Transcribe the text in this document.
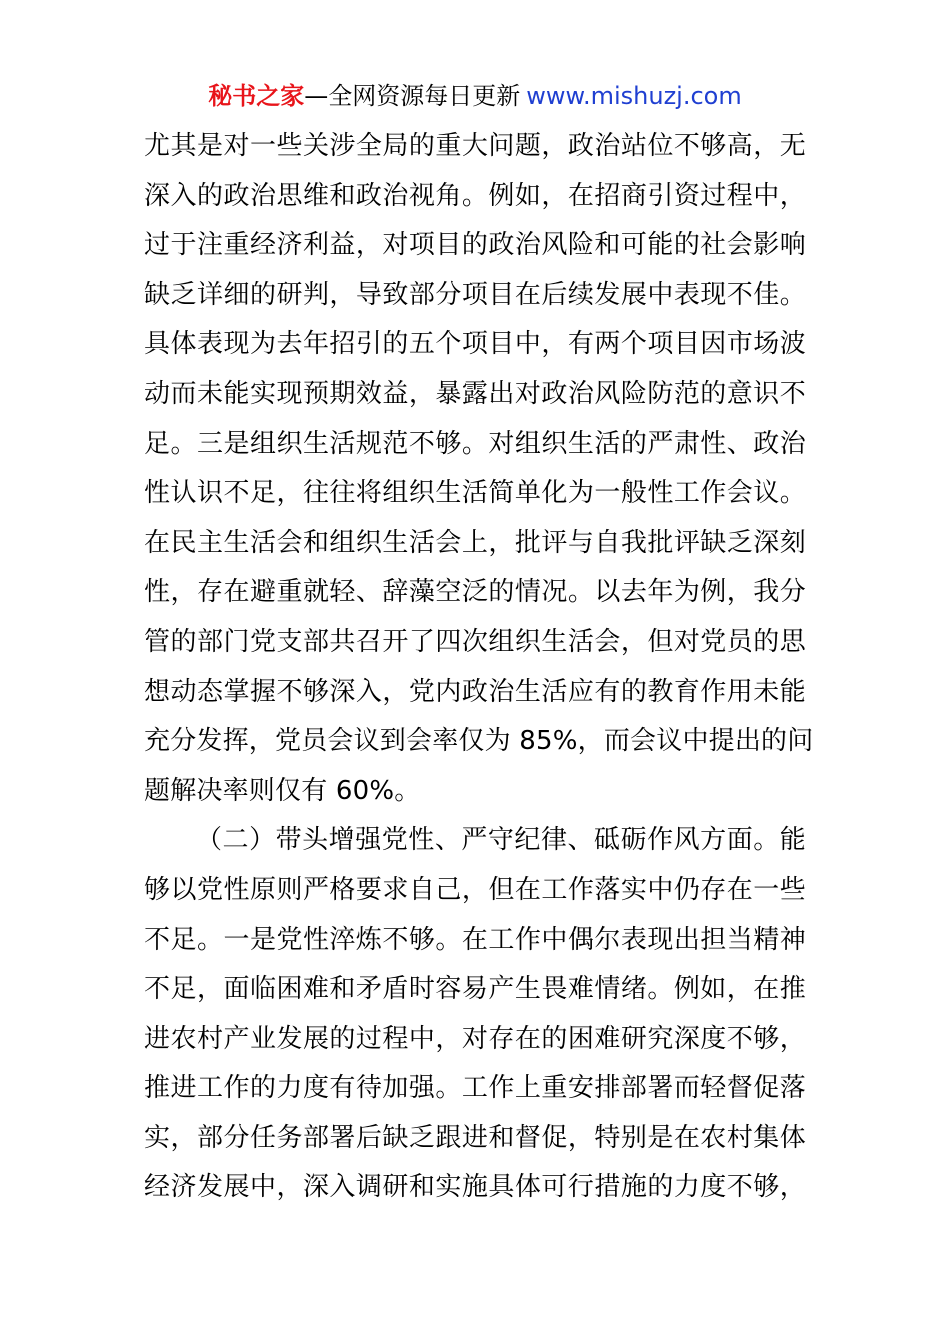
秘书之家—全网资源每日更新 www.mishuzj.com
尤其是对一些关涉全局的重大问题，政治站位不够高，无
深入的政治思维和政治视角。例如，在招商引资过程中，
过于注重经济利益，对项目的政治风险和可能的社会影响
缺乏详细的研判，导致部分项目在后续发展中表现不佳。
具体表现为去年招引的五个项目中，有两个项目因市场波
动而未能实现预期效益，暴露出对政治风险防范的意识不
足。三是组织生活规范不够。对组织生活的严肃性、政治
性认识不足，往往将组织生活简单化为一般性工作会议。
在民主生活会和组织生活会上，批评与自我批评缺乏深刻
性，存在避重就轻、辞藻空泛的情况。以去年为例，我分
管的部门党支部共召开了四次组织生活会，但对党员的思
想动态掌握不够深入，党内政治生活应有的教育作用未能
充分发挥，党员会议到会率仅为 85%，而会议中提出的问
题解决率则仅有 60%。
（二）带头增强党性、严守纪律、砥砺作风方面。能
够以党性原则严格要求自己，但在工作落实中仍存在一些
不足。一是党性淬炼不够。在工作中偶尔表现出担当精神
不足，面临困难和矛盾时容易产生畏难情绪。例如，在推
进农村产业发展的过程中，对存在的困难研究深度不够，
推进工作的力度有待加强。工作上重安排部署而轻督促落
实，部分任务部署后缺乏跟进和督促，特别是在农村集体
经济发展中，深入调研和实施具体可行措施的力度不够，
